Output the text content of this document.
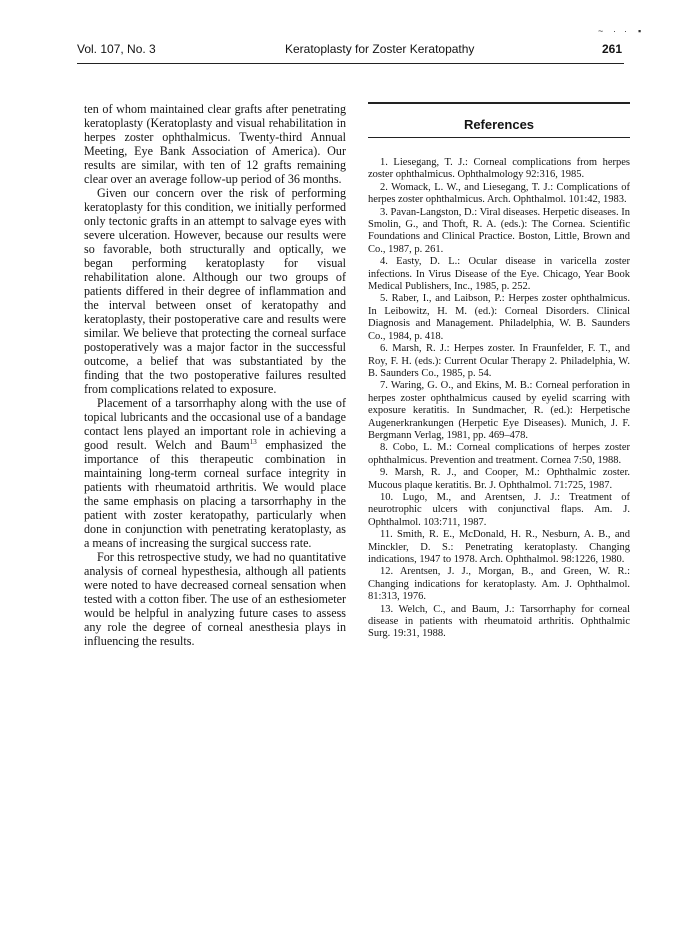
~ · · ▪
Vol. 107, No. 3	Keratoplasty for Zoster Keratopathy	261

ten of whom maintained clear grafts after penetrating keratoplasty (Keratoplasty and visual rehabilitation in herpes zoster ophthalmicus. Twenty-third Annual Meeting, Eye Bank Association of America). Our results are similar, with ten of 12 grafts remaining clear over an average follow-up period of 36 months.

Given our concern over the risk of performing keratoplasty for this condition, we initially performed only tectonic grafts in an attempt to salvage eyes with severe ulceration. However, because our results were so favorable, both structurally and optically, we began performing keratoplasty for visual rehabilitation alone. Although our two groups of patients differed in their degree of inflammation and the interval between onset of keratopathy and keratoplasty, their postoperative care and results were similar. We believe that protecting the corneal surface postoperatively was a major factor in the successful outcome, a belief that was substantiated by the finding that the two postoperative failures resulted from complications related to exposure.

Placement of a tarsorrhaphy along with the use of topical lubricants and the occasional use of a bandage contact lens played an important role in achieving a good result. Welch and Baum$^{13}$ emphasized the importance of this therapeutic combination in maintaining long-term corneal surface integrity in patients with rheumatoid arthritis. We would place the same emphasis on placing a tarsorrhaphy in the patient with zoster keratopathy, particularly when done in conjunction with penetrating keratoplasty, as a means of increasing the surgical success rate.

For this retrospective study, we had no quantitative analysis of corneal hypesthesia, although all patients were noted to have decreased corneal sensation when tested with a cotton fiber. The use of an esthesiometer would be helpful in analyzing future cases to assess any role the degree of corneal anesthesia plays in influencing the results.

References
1. Liesegang, T. J.: Corneal complications from herpes zoster ophthalmicus. Ophthalmology 92:316, 1985.
2. Womack, L. W., and Liesegang, T. J.: Complications of herpes zoster ophthalmicus. Arch. Ophthalmol. 101:42, 1983.
3. Pavan-Langston, D.: Viral diseases. Herpetic diseases. In Smolin, G., and Thoft, R. A. (eds.): The Cornea. Scientific Foundations and Clinical Practice. Boston, Little, Brown and Co., 1987, p. 261.
4. Easty, D. L.: Ocular disease in varicella zoster infections. In Virus Disease of the Eye. Chicago, Year Book Medical Publishers, Inc., 1985, p. 252.
5. Raber, I., and Laibson, P.: Herpes zoster ophthalmicus. In Leibowitz, H. M. (ed.): Corneal Disorders. Clinical Diagnosis and Management. Philadelphia, W. B. Saunders Co., 1984, p. 418.
6. Marsh, R. J.: Herpes zoster. In Fraunfelder, F. T., and Roy, F. H. (eds.): Current Ocular Therapy 2. Philadelphia, W. B. Saunders Co., 1985, p. 54.
7. Waring, G. O., and Ekins, M. B.: Corneal perforation in herpes zoster ophthalmicus caused by eyelid scarring with exposure keratitis. In Sundmacher, R. (ed.): Herpetische Augenerkrankungen (Herpetic Eye Diseases). Munich, J. F. Bergmann Verlag, 1981, pp. 469–478.
8. Cobo, L. M.: Corneal complications of herpes zoster ophthalmicus. Prevention and treatment. Cornea 7:50, 1988.
9. Marsh, R. J., and Cooper, M.: Ophthalmic zoster. Mucous plaque keratitis. Br. J. Ophthalmol. 71:725, 1987.
10. Lugo, M., and Arentsen, J. J.: Treatment of neurotrophic ulcers with conjunctival flaps. Am. J. Ophthalmol. 103:711, 1987.
11. Smith, R. E., McDonald, H. R., Nesburn, A. B., and Minckler, D. S.: Penetrating keratoplasty. Changing indications, 1947 to 1978. Arch. Ophthalmol. 98:1226, 1980.
12. Arentsen, J. J., Morgan, B., and Green, W. R.: Changing indications for keratoplasty. Am. J. Ophthalmol. 81:313, 1976.
13. Welch, C., and Baum, J.: Tarsorrhaphy for corneal disease in patients with rheumatoid arthritis. Ophthalmic Surg. 19:31, 1988.
